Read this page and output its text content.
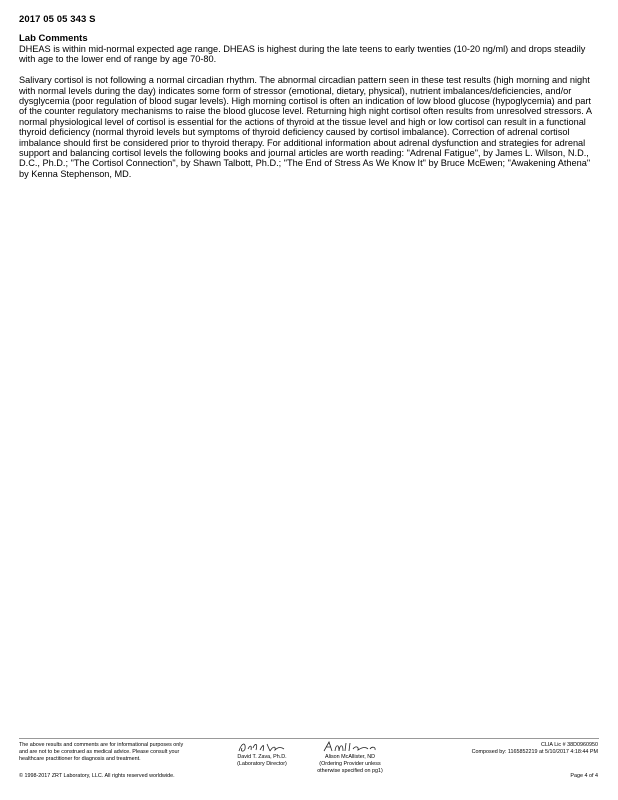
2017 05 05 343 S
Lab Comments

DHEAS is within mid-normal expected age range. DHEAS is highest during the late teens to early twenties (10-20 ng/ml) and drops steadily with age to the lower end of range by age 70-80.

Salivary cortisol is not following a normal circadian rhythm. The abnormal circadian pattern seen in these test results (high morning and night with normal levels during the day) indicates some form of stressor (emotional, dietary, physical), nutrient imbalances/deficiencies, and/or dysglycemia (poor regulation of blood sugar levels). High morning cortisol is often an indication of low blood glucose (hypoglycemia) and part of the counter regulatory mechanisms to raise the blood glucose level. Returning high night cortisol often results from unresolved stressors. A normal physiological level of cortisol is essential for the actions of thyroid at the tissue level and high or low cortisol can result in a functional thyroid deficiency (normal thyroid levels but symptoms of thyroid deficiency caused by cortisol imbalance). Correction of adrenal cortisol imbalance should first be considered prior to thyroid therapy. For additional information about adrenal dysfunction and strategies for adrenal support and balancing cortisol levels the following books and journal articles are worth reading: "Adrenal Fatigue", by James L. Wilson, N.D., D.C., Ph.D.; "The Cortisol Connection", by Shawn Talbott, Ph.D.; "The End of Stress As We Know It" by Bruce McEwen; "Awakening Athena" by Kenna Stephenson, MD.

The above results and comments are for informational purposes only
and are not to be construed as medical advice. Please consult your
healthcare practitioner for diagnosis and treatment.
© 1998-2017 ZRT Laboratory, LLC. All rights reserved worldwide.
David T. Zava, Ph.D.
(Laboratory Director)
Alison McAllister, ND
(Ordering Provider unless
otherwise specified on pg1)
CLIA Lic # 38D0960950
Composed by: 1165852219 at 5/10/2017 4:18:44 PM
Page 4 of 4
